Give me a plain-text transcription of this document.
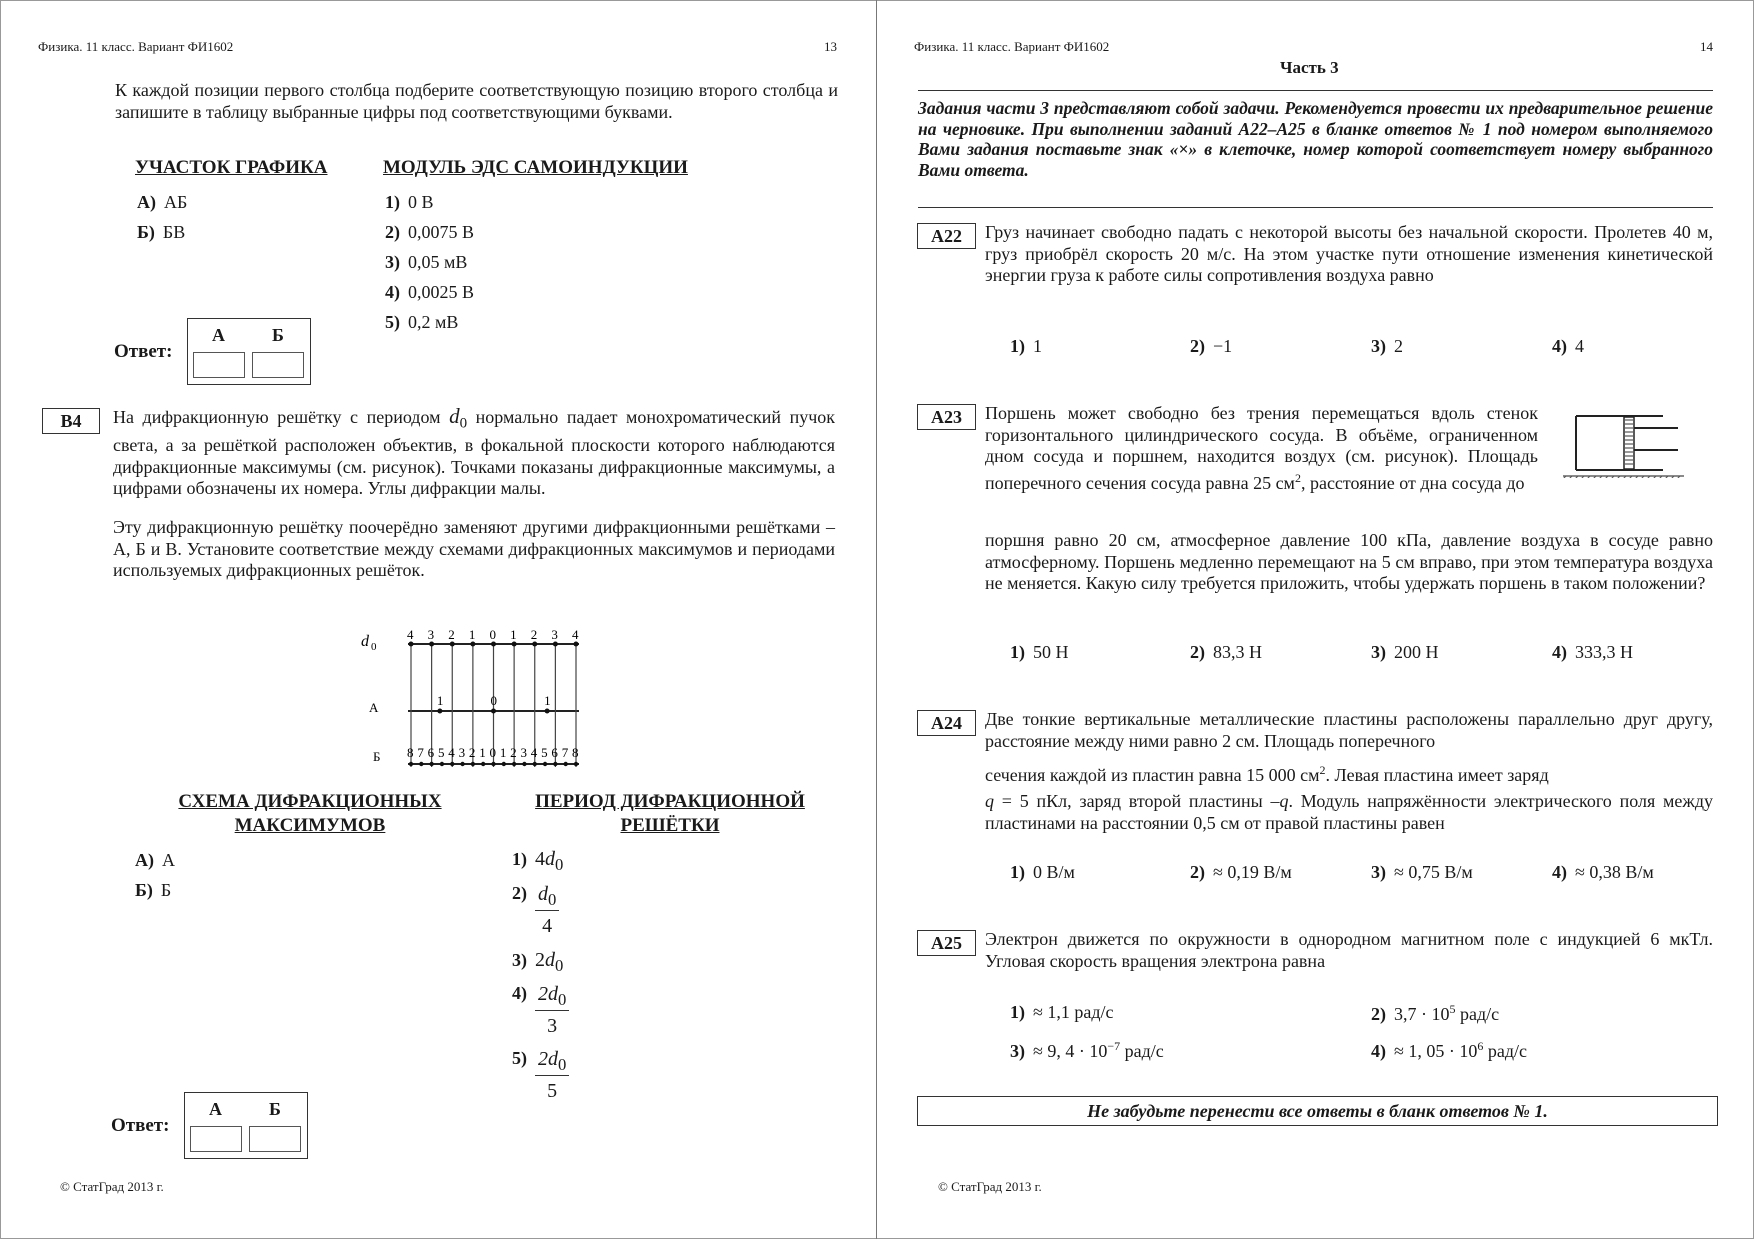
Физика. 11 класс. Вариант ФИ1602	13
К каждой позиции первого столбца подберите соответствующую позицию второго столбца и запишите в таблицу выбранные цифры под соответствующими буквами.
УЧАСТОК ГРАФИКА	МОДУЛЬ ЭДС САМОИНДУКЦИИ
А) АБ
Б) БВ
1) 0 В
2) 0,0075 В
3) 0,05 мВ
4) 0,0025 В
5) 0,2 мВ
Ответ:
А	Б
B4	На дифракционную решётку с периодом $d_0$ нормально падает монохроматический пучок света, а за решёткой расположен объектив, в фокальной плоскости которого наблюдаются дифракционные максимумы (см. рисунок). Точками показаны дифракционные максимумы, а цифрами обозначены их номера. Углы дифракции малы.
Эту дифракционную решётку поочерёдно заменяют другими дифракционными решётками – А, Б и В. Установите соответствие между схемами дифракционных максимумов и периодами используемых дифракционных решёток.
d 0
А
Б
4 3 2 1 0 1 2 3 4
1	0	1
8 7 6 5 4 3 2 1 0 1 2 3 4 5 6 7 8
СХЕМА ДИФРАКЦИОННЫХ
МАКСИМУМОВ
ПЕРИОД ДИФРАКЦИОННОЙ
РЕШЁТКИ
А) А
Б) Б
1) $4d_0$
$2) \frac{d_0}{4}$
3) $2d_0$
$4) \frac{2d_0}{3}$
$5) \frac{2d_0}{5}$
Ответ:
А	Б
© СтатГрад 2013 г.
Физика. 11 класс. Вариант ФИ1602	14
Часть 3
Задания части 3 представляют собой задачи. Рекомендуется провести их предварительное решение на черновике. При выполнении заданий А22–А25 в бланке ответов № 1 под номером выполняемого Вами задания поставьте знак «×» в клеточке, номер которой соответствует номеру выбранного Вами ответа.
А22	Груз начинает свободно падать с некоторой высоты без начальной скорости. Пролетев 40 м, груз приобрёл скорость 20 м/с. На этом участке пути отношение изменения кинетической энергии груза к работе силы сопротивления воздуха равно
1) 1	2) −1	3) 2	4) 4
А23	Поршень может свободно без трения перемещаться вдоль стенок горизонтального цилиндрического сосуда. В объёме, ограниченном дном сосуда и поршнем, находится воздух (см. рисунок). Площадь поперечного сечения сосуда равна 25 $см^2$, расстояние от дна сосуда до
поршня равно 20 см, атмосферное давление 100 кПа, давление воздуха в сосуде равно атмосферному. Поршень медленно перемещают на 5 см вправо, при этом температура воздуха не меняется. Какую силу требуется приложить, чтобы удержать поршень в таком положении?
1) 50 Н	2) 83,3 Н	3) 200 Н	4) 333,3 Н
А24	Две тонкие вертикальные металлические пластины расположены параллельно друг другу, расстояние между ними равно 2 см. Площадь поперечного
сечения каждой из пластин равна 15 000 $см^2$. Левая пластина имеет заряд
q = 5 пКл, заряд второй пластины –q. Модуль напряжённости электрического поля между пластинами на расстоянии 0,5 см от правой пластины равен
1) 0 В/м	2) ≈ 0,19 В/м	3) ≈ 0,75 В/м	4) ≈ 0,38 В/м
А25	Электрон движется по окружности в однородном магнитном поле с индукцией 6 мкТл. Угловая скорость вращения электрона равна
1) ≈ 1,1 рад/с	2) $3,7 \cdot 10^5$ рад/с
3) ≈ 9, $4 \cdot 10^{-7}$ рад/с	4) ≈ 1, $05 \cdot 10^6$ рад/с
Не забудьте перенести все ответы в бланк ответов № 1.
© СтатГрад 2013 г.
